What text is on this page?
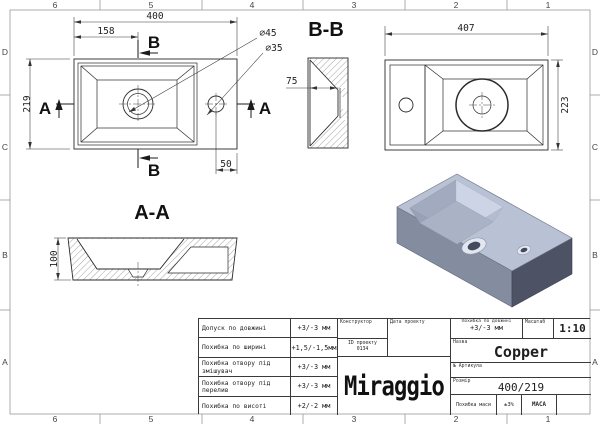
400
158
219
50
⌀45
⌀35
B
B
A	A
75
B-B	407
223
100
A-A
6	5	4	3	2	1
6	5	4	3	2	1
D
C
B
A
D
C
B
A
Допуск по довжині	+3/-3 мм
Похибка по ширині	+1,5/-1,5мм
Похибка отвору під змішувач	+3/-3 мм
Похибка отвору під перелив	+3/-3 мм
Похибка по висоті	+2/-2 мм
Конструктор
ID проекту
0134
Дата проекту
Miraggio
Похибка по довжині
+3/-3 мм
Масштаб	1:10
Назва
Copper
№ Артикула
Розмір	400/219
Похибка маси	±3%	МАСА
